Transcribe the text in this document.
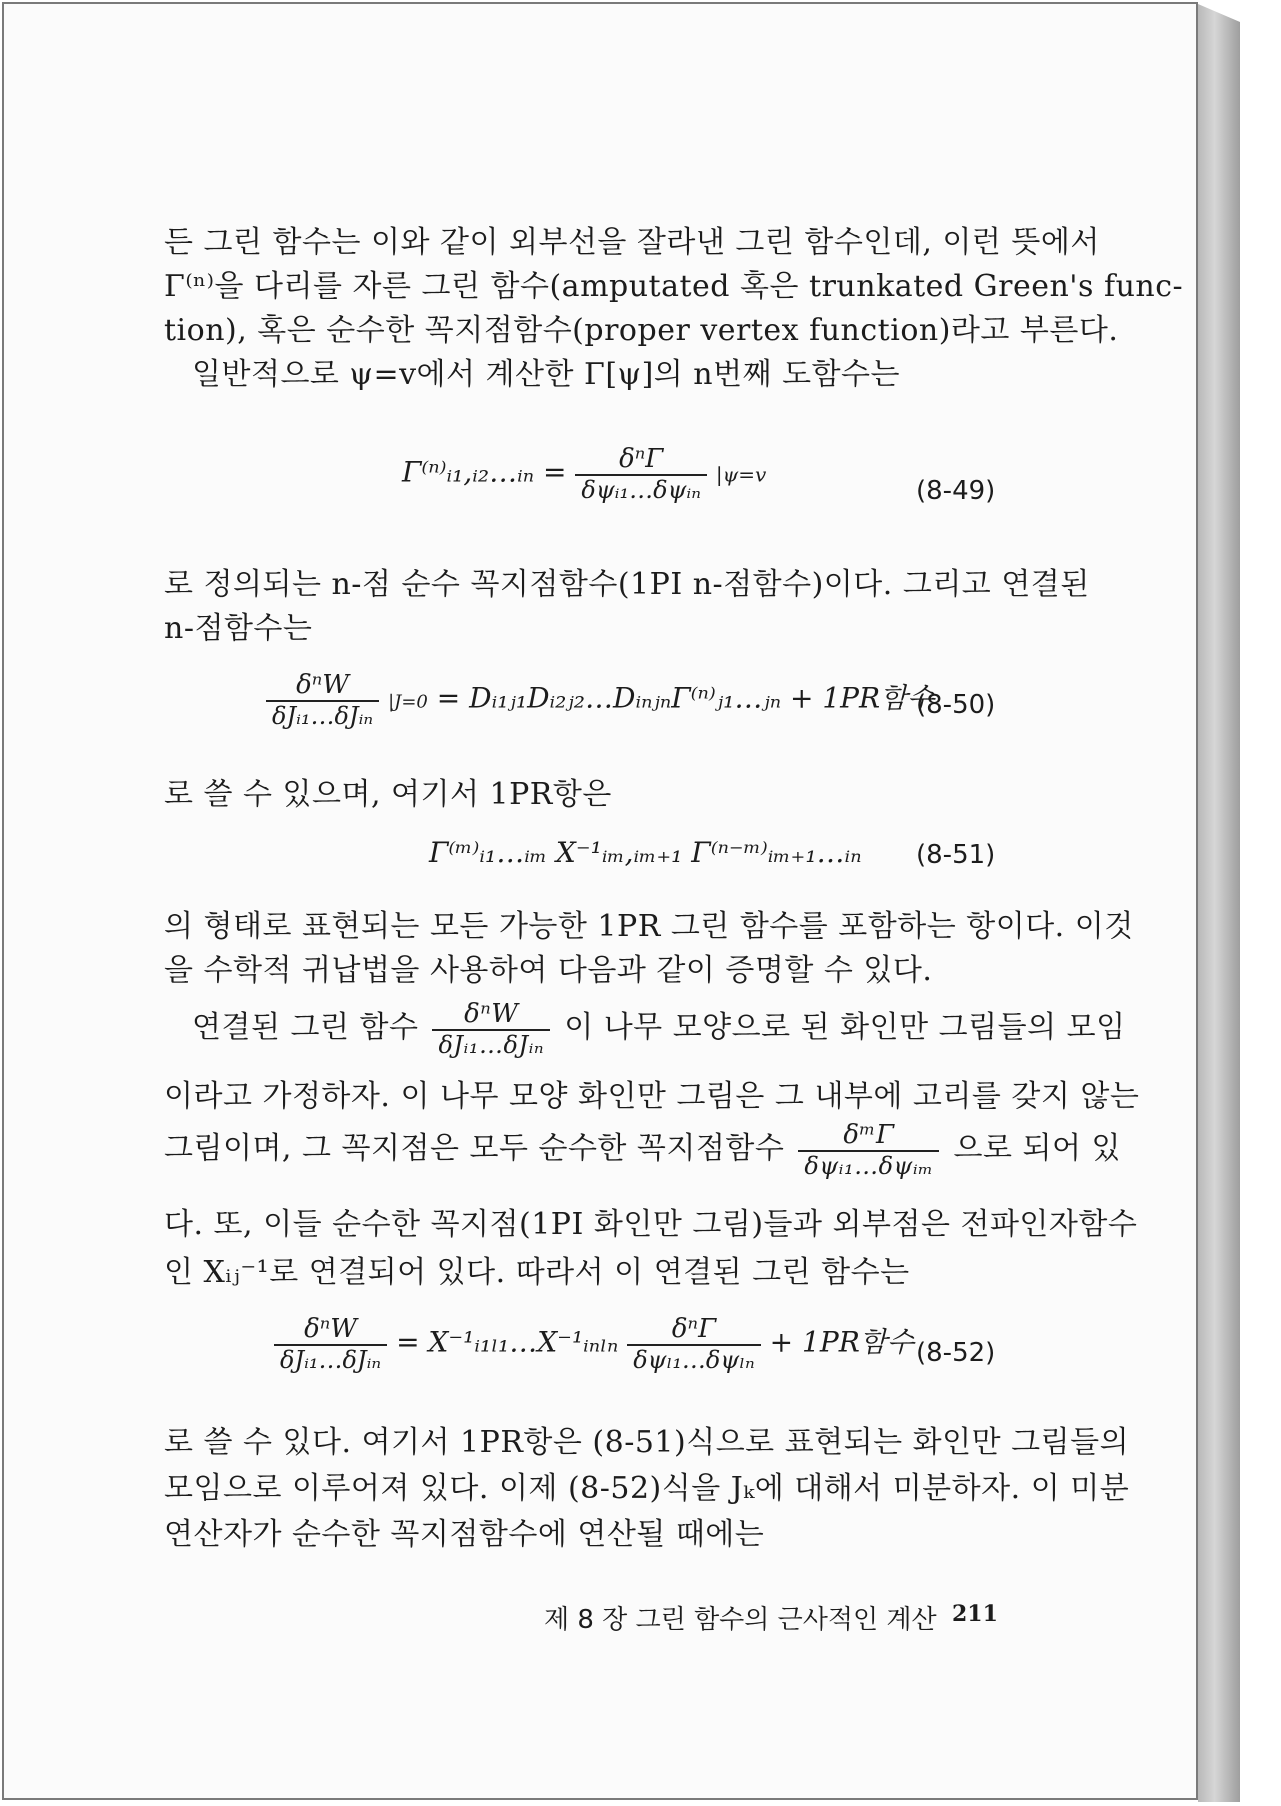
든 그린 함수는 이와 같이 외부선을 잘라낸 그린 함수인데, 이런 뜻에서
Γ⁽ⁿ⁾을 다리를 자른 그린 함수(amputated 혹은 trunkated Green's func-
tion), 혹은 순수한 꼭지점함수(proper vertex function)라고 부른다.
일반적으로 ψ=v에서 계산한 Γ[ψ]의 n번째 도함수는
Γ⁽ⁿ⁾ᵢ₁,ᵢ₂…ᵢₙ = $\frac{\text{δⁿΓ}}{\text{δψᵢ₁…δψᵢₙ}} |\psi=v$
(8-49)
로 정의되는 n-점 순수 꼭지점함수(1PI n-점함수)이다. 그리고 연결된
n-점함수는
$\frac{\text{δⁿW}}{\text{δJᵢ₁…δJᵢₙ}} |J=0$ = Dᵢ₁ⱼ₁Dᵢ₂ⱼ₂…DᵢₙⱼₙΓ⁽ⁿ⁾ⱼ₁…ⱼₙ + 1PR함수
(8-50)
로 쓸 수 있으며, 여기서 1PR항은
Γ⁽ᵐ⁾ᵢ₁…ᵢₘ X⁻¹ᵢₘ,ᵢₘ₊₁ Γ⁽ⁿ⁻ᵐ⁾ᵢₘ₊₁…ᵢₙ (8-51)
의 형태로 표현되는 모든 가능한 1PR 그린 함수를 포함하는 항이다. 이것
을 수학적 귀납법을 사용하여 다음과 같이 증명할 수 있다.
연결된 그린 함수 $\frac{\text{δⁿW}}{\text{δJᵢ₁…δJᵢₙ}}$ 이 나무 모양으로 된 화인만 그림들의 모임
이라고 가정하자. 이 나무 모양 화인만 그림은 그 내부에 고리를 갖지 않는
그림이며, 그 꼭지점은 모두 순수한 꼭지점함수 $\frac{\text{δᵐΓ}}{\text{δψᵢ₁…δψᵢₘ}}$ 으로 되어 있
다. 또, 이들 순수한 꼭지점(1PI 화인만 그림)들과 외부점은 전파인자함수
인 Xᵢⱼ⁻¹로 연결되어 있다. 따라서 이 연결된 그린 함수는
$\frac{\text{δⁿW}}{\text{δJᵢ₁…δJᵢₙ}}$ = X⁻¹ᵢ₁ₗ₁…X⁻¹ᵢₙₗₙ $\frac{\text{δⁿΓ}}{\text{δψₗ₁…δψₗₙ}} + 1PR$함수 (8-52)
로 쓸 수 있다. 여기서 1PR항은 (8-51)식으로 표현되는 화인만 그림들의
모임으로 이루어져 있다. 이제 (8-52)식을 Jₖ에 대해서 미분하자. 이 미분
연산자가 순수한 꼭지점함수에 연산될 때에는
제 8 장 그린 함수의 근사적인 계산 211
